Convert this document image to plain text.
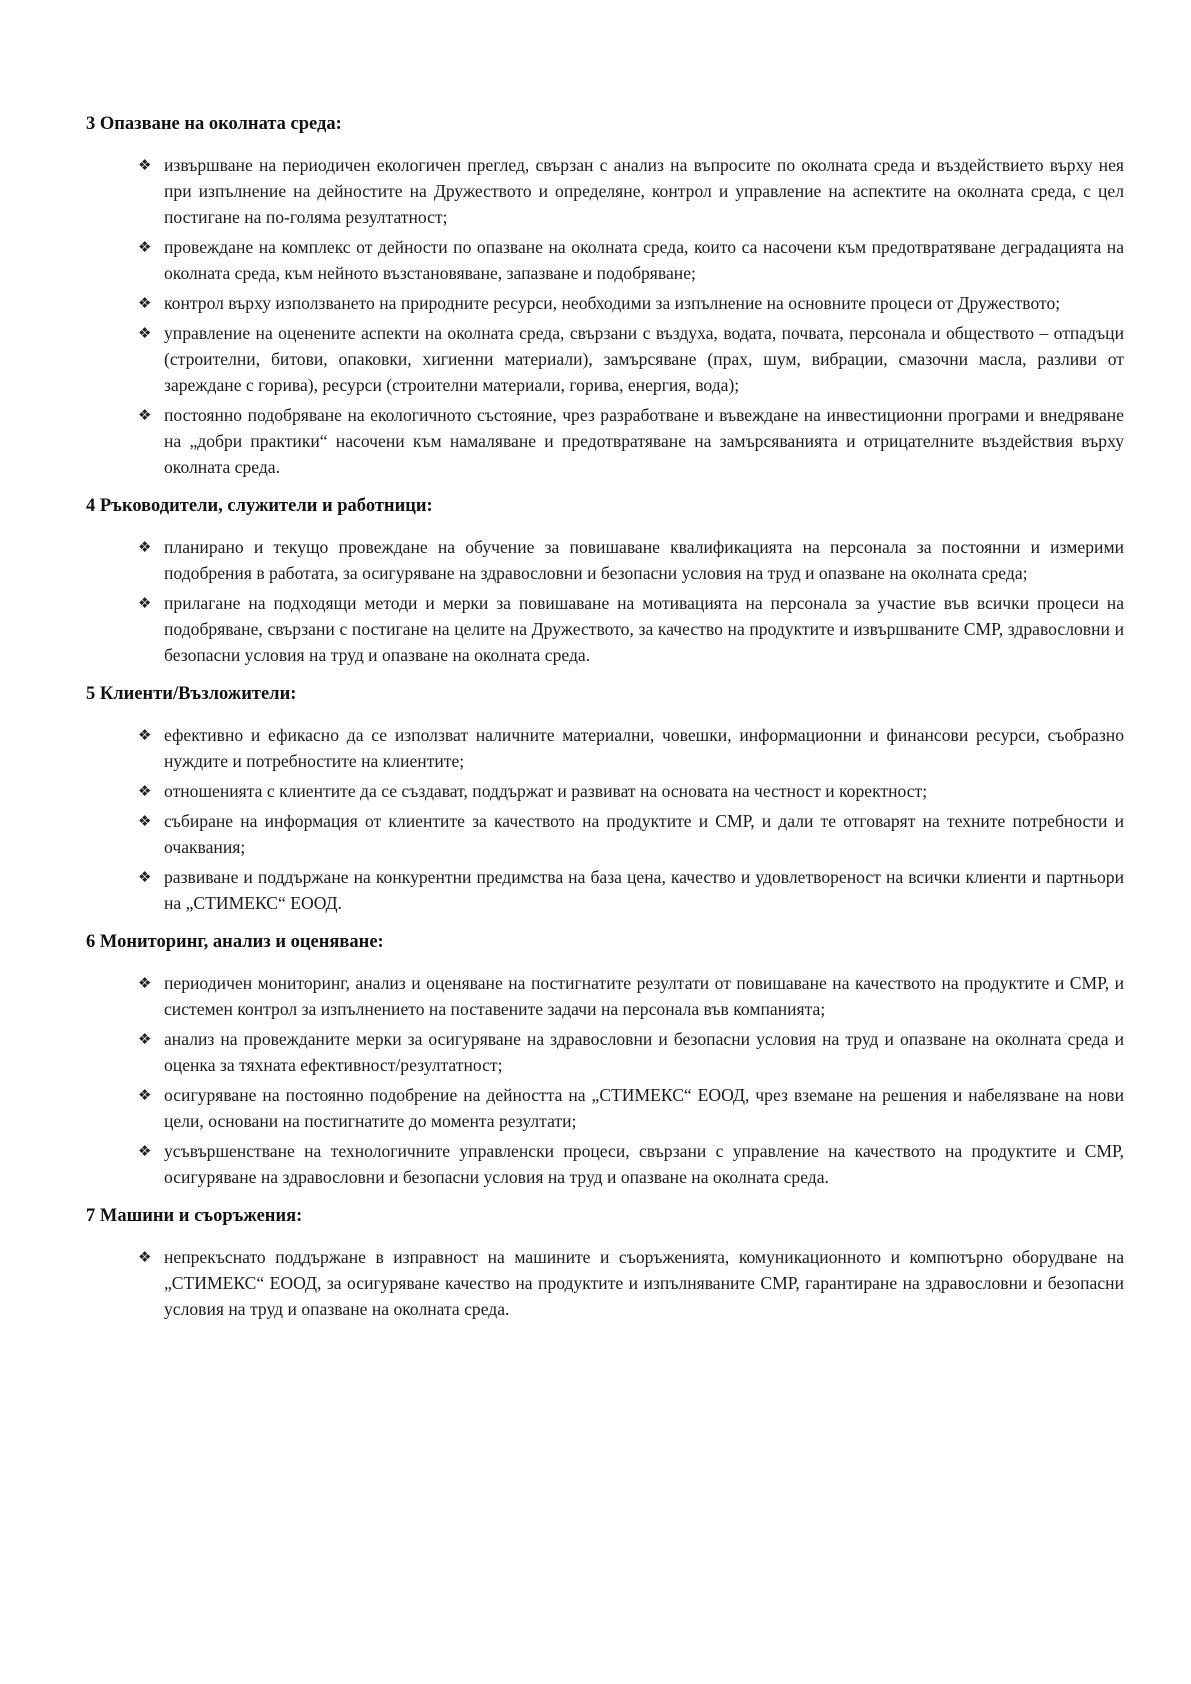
3 Опазване на околната среда:
❖ извършване на периодичен екологичен преглед, свързан с анализ на въпросите по околната среда и въздействието върху нея при изпълнение на дейностите на Дружеството и определяне, контрол и управление на аспектите на околната среда, с цел постигане на по-голяма резултатност;
❖ провеждане на комплекс от дейности по опазване на околната среда, които са насочени към предотвратяване деградацията на околната среда, към нейното възстановяване, запазване и подобряване;
❖ контрол върху използването на природните ресурси, необходими за изпълнение на основните процеси от Дружеството;
❖ управление на оценените аспекти на околната среда, свързани с въздуха, водата, почвата, персонала и обществото – отпадъци (строителни, битови, опаковки, хигиенни материали), замърсяване (прах, шум, вибрации, смазочни масла, разливи от зареждане с горива), ресурси (строителни материали, горива, енергия, вода);
❖ постоянно подобряване на екологичното състояние, чрез разработване и въвеждане на инвестиционни програми и внедряване на „добри практики“ насочени към намаляване и предотвратяване на замърсяванията и отрицателните въздействия върху околната среда.
4 Ръководители, служители и работници:
❖ планирано и текущо провеждане на обучение за повишаване квалификацията на персонала за постоянни и измерими подобрения в работата, за осигуряване на здравословни и безопасни условия на труд и опазване на околната среда;
❖ прилагане на подходящи методи и мерки за повишаване на мотивацията на персонала за участие във всички процеси на подобряване, свързани с постигане на целите на Дружеството, за качество на продуктите и извършваните СМР, здравословни и безопасни условия на труд и опазване на околната среда.
5 Клиенти/Възложители:
❖ ефективно и ефикасно да се използват наличните материални, човешки, информационни и финансови ресурси, съобразно нуждите и потребностите на клиентите;
❖ отношенията с клиентите да се създават, поддържат и развиват на основата на честност и коректност;
❖ събиране на информация от клиентите за качеството на продуктите и СМР, и дали те отговарят на техните потребности и очаквания;
❖ развиване и поддържане на конкурентни предимства на база цена, качество и удовлетвореност на всички клиенти и партньори на „СТИМЕКС“ ЕООД.
6 Мониторинг, анализ и оценяване:
❖ периодичен мониторинг, анализ и оценяване на постигнатите резултати от повишаване на качеството на продуктите и СМР, и системен контрол за изпълнението на поставените задачи на персонала във компанията;
❖ анализ на провежданите мерки за осигуряване на здравословни и безопасни условия на труд и опазване на околната среда и оценка за тяхната ефективност/резултатност;
❖ осигуряване на постоянно подобрение на дейността на „СТИМЕКС“ ЕООД, чрез вземане на решения и набелязване на нови цели, основани на постигнатите до момента резултати;
❖ усъвършенстване на технологичните управленски процеси, свързани с управление на качеството на продуктите и СМР, осигуряване на здравословни и безопасни условия на труд и опазване на околната среда.
7 Машини и съоръжения:
❖ непрекъснато поддържане в изправност на машините и съоръженията, комуникационното и компютърно оборудване на „СТИМЕКС“ ЕООД, за осигуряване качество на продуктите и изпълняваните СМР, гарантиране на здравословни и безопасни условия на труд и опазване на околната среда.
